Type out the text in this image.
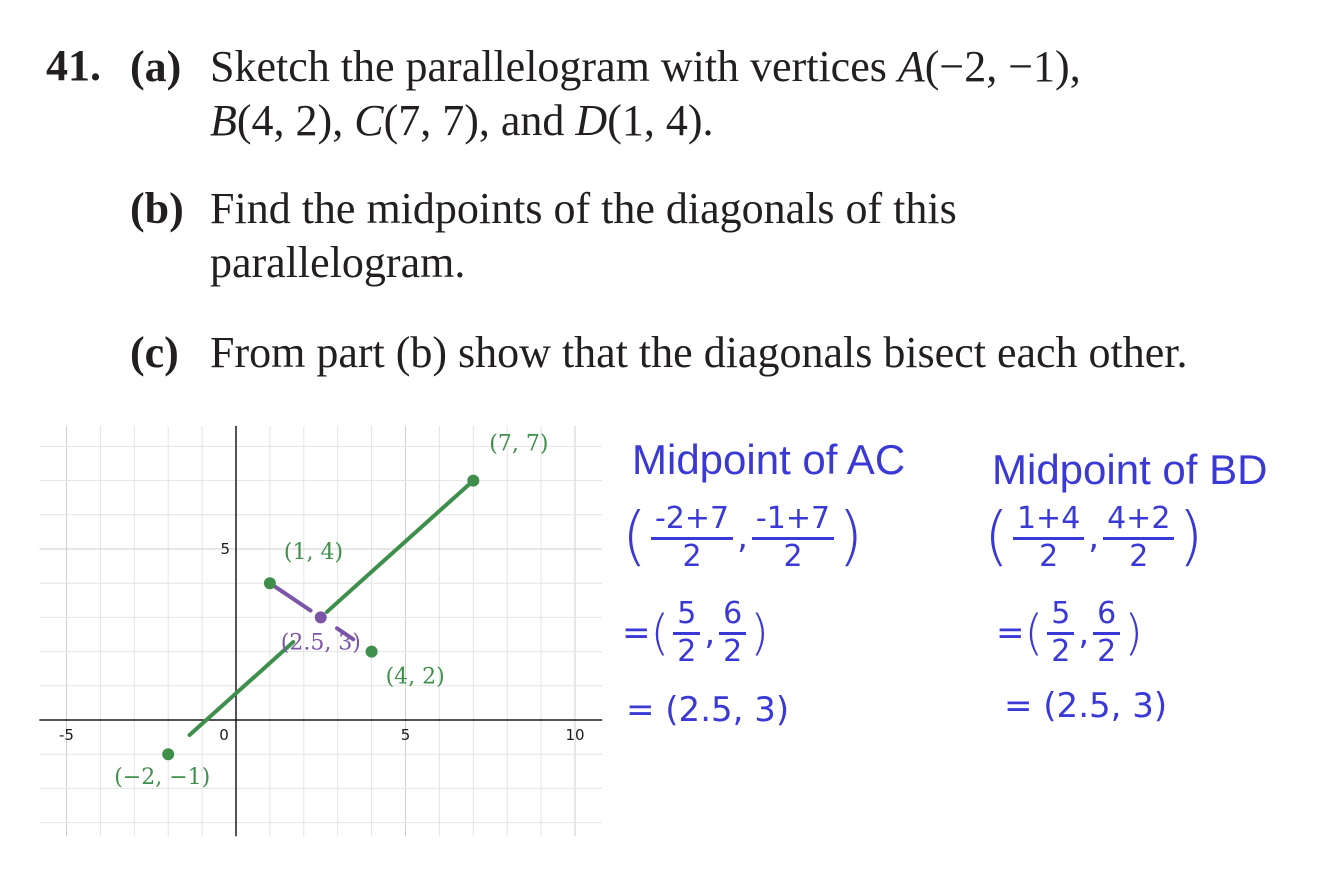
41. (a) Sketch the parallelogram with vertices A(−2, −1),
B(4, 2), C(7, 7), and D(1, 4).
(b) Find the midpoints of the diagonals of this
parallelogram.
(c) From part (b) show that the diagonals bisect each other.
-5	0	5	10
5
(−2, −1)
(7, 7)
(1, 4)
(4, 2)
(2.5, 3)
Midpoint of AC
( $\frac{-2+7}{2}$ , $\frac{-1+7}{2}$ )
= ( $\frac{5}{2}$ , $\frac{6}{2}$ )
= (2.5, 3)
Midpoint of BD
( $\frac{1+4}{2}$ , $\frac{4+2}{2}$ )
= ( $\frac{5}{2}$ , $\frac{6}{2}$ )
= (2.5, 3)
